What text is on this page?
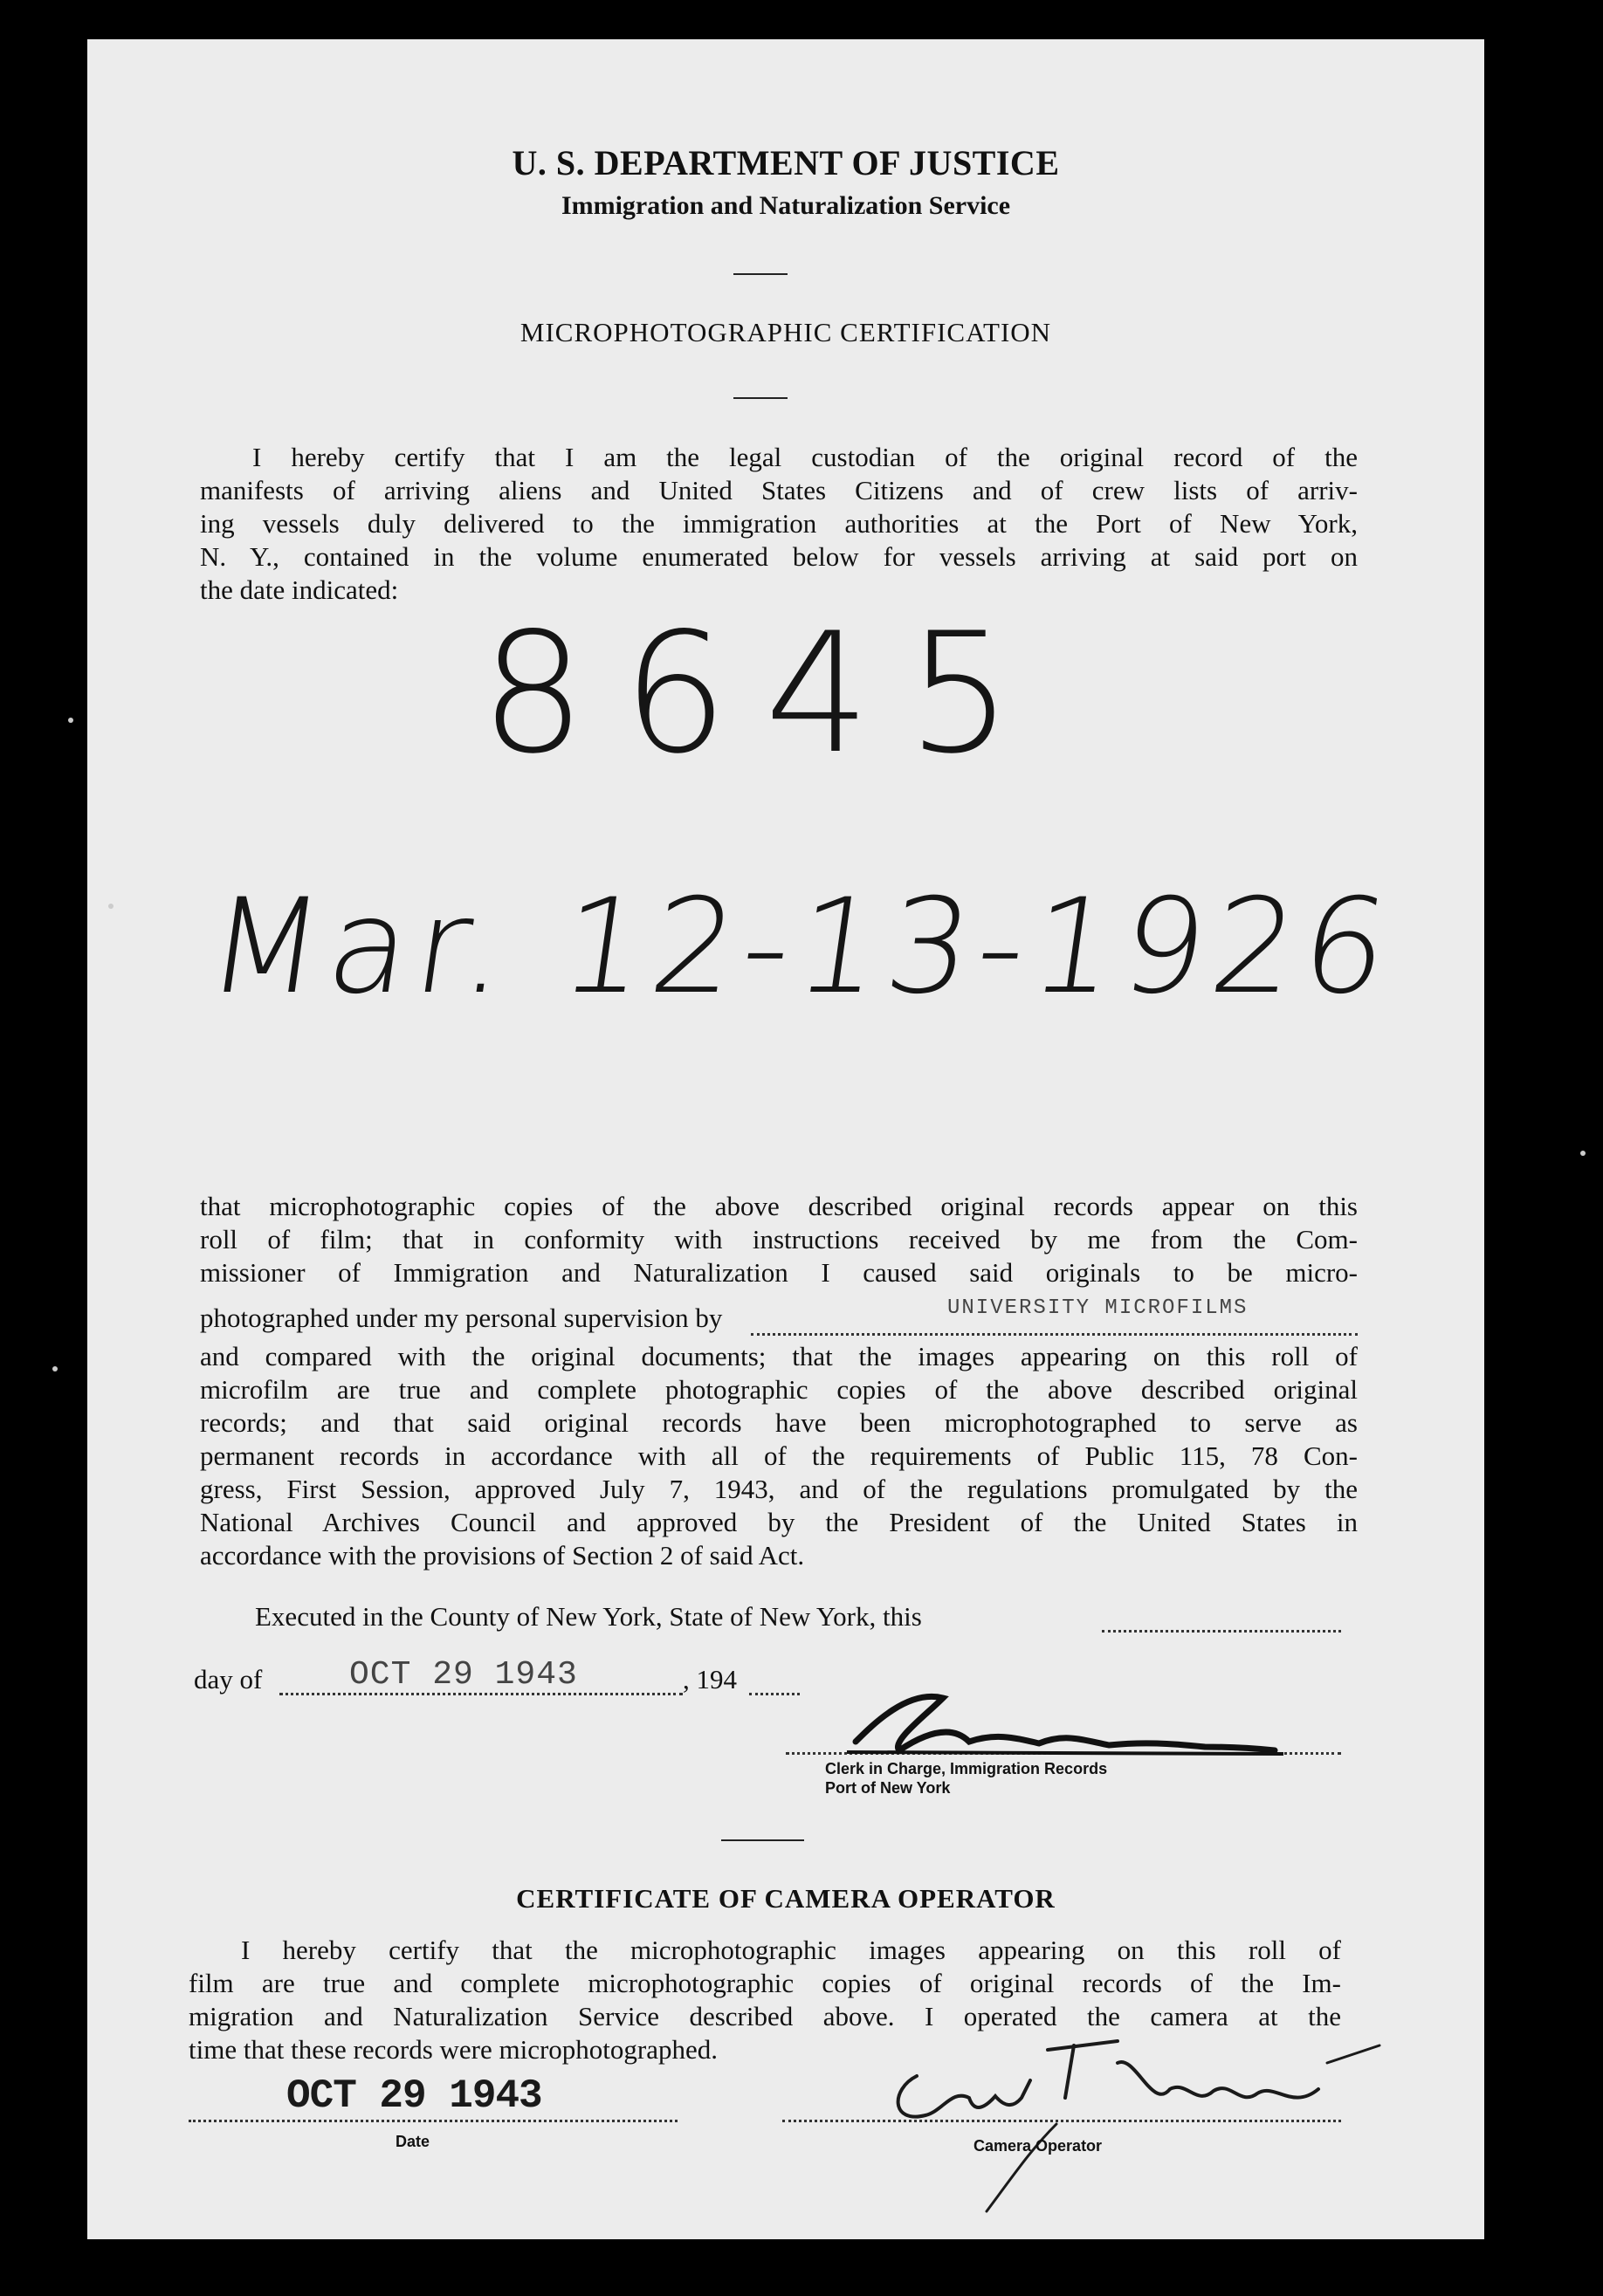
U. S. DEPARTMENT OF JUSTICE
Immigration and Naturalization Service
MICROPHOTOGRAPHIC CERTIFICATION
I hereby certify that I am the legal custodian of the original record of the
manifests of arriving aliens and United States Citizens and of crew lists of arriv-
ing vessels duly delivered to the immigration authorities at the Port of New York,
N. Y., contained in the volume enumerated below for vessels arriving at said port on
the date indicated:
8645
Mar. 12-13-1926
that microphotographic copies of the above described original records appear on this
roll of film; that in conformity with instructions received by me from the Com-
missioner of Immigration and Naturalization I caused said originals to be micro-
photographed under my personal supervision by	UNIVERSITY MICROFILMS
and compared with the original documents; that the images appearing on this roll of
microfilm are true and complete photographic copies of the above described original
records; and that said original records have been microphotographed to serve as
permanent records in accordance with all of the requirements of Public 115, 78 Con-
gress, First Session, approved July 7, 1943, and of the regulations promulgated by the
National Archives Council and approved by the President of the United States in
accordance with the provisions of Section 2 of said Act.
Executed in the County of New York, State of New York, this
day of	OCT 29 1943	, 194
Clerk in Charge, Immigration Records
Port of New York
CERTIFICATE OF CAMERA OPERATOR
I hereby certify that the microphotographic images appearing on this roll of
film are true and complete microphotographic copies of original records of the Im-
migration and Naturalization Service described above. I operated the camera at the
time that these records were microphotographed.
OCT 29 1943
Date	Camera Operator
